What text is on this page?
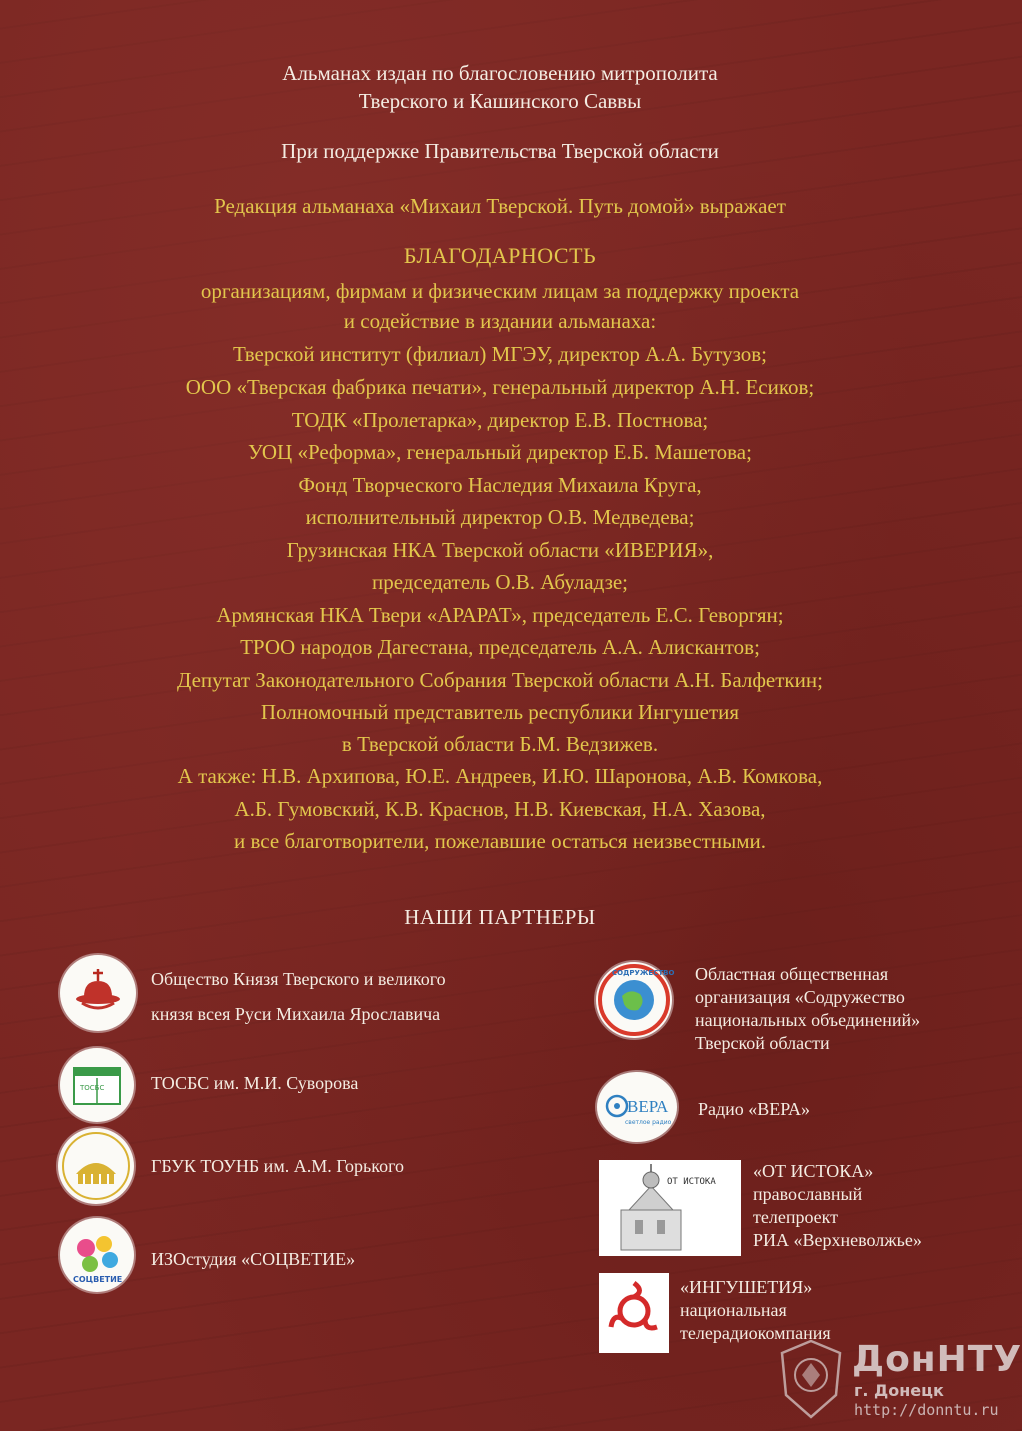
Альманах издан по благословению митрополита
Тверского и Кашинского Саввы
При поддержке Правительства Тверской области
Редакция альманаха «Михаил Тверской. Путь домой» выражает
БЛАГОДАРНОСТЬ
организациям, фирмам и физическим лицам за поддержку проекта
и содействие в издании альманаха:
Тверской институт (филиал) МГЭУ, директор А.А. Бутузов;
ООО «Тверская фабрика печати», генеральный директор А.Н. Есиков;
ТОДК «Пролетарка», директор Е.В. Постнова;
УОЦ «Реформа», генеральный директор Е.Б. Машетова;
Фонд Творческого Наследия Михаила Круга,
исполнительный директор О.В. Медведева;
Грузинская НКА Тверской области «ИВЕРИЯ»,
председатель О.В. Абуладзе;
Армянская НКА Твери «АРАРАТ», председатель Е.С. Геворгян;
ТРОО народов Дагестана, председатель А.А. Алискантов;
Депутат Законодательного Собрания Тверской области А.Н. Балфеткин;
Полномочный представитель республики Ингушетия
в Тверской области Б.М. Ведзижев.
А также: Н.В. Архипова, Ю.Е. Андреев, И.Ю. Шаронова, А.В. Комкова,
А.Б. Гумовский, К.В. Краснов, Н.В. Киевская, Н.А. Хазова,
и все благотворители, пожелавшие остаться неизвестными.
НАШИ ПАРТНЕРЫ
Общество Князя Тверского и великого
князя всея Руси Михаила Ярославича
ТОСБС	ТОСБС им. М.И. Суворова
ГБУК ТОУНБ им. А.М. Горького
СОЦВЕТИЕ
ИЗОстудия «СОЦВЕТИЕ»
СОДРУЖЕСТВО Областная общественная
организация «Содружество
национальных объединений»
Тверской области
ВЕРА
светлое радио
Радио «ВЕРА»
ОТ ИСТОКА
«ОТ ИСТОКА»
православный
телепроект
РИА «Верхневолжье»
«ИНГУШЕТИЯ»
национальная
телерадиокомпания
ДонНТУ
г. Донецк
http://donntu.ru
